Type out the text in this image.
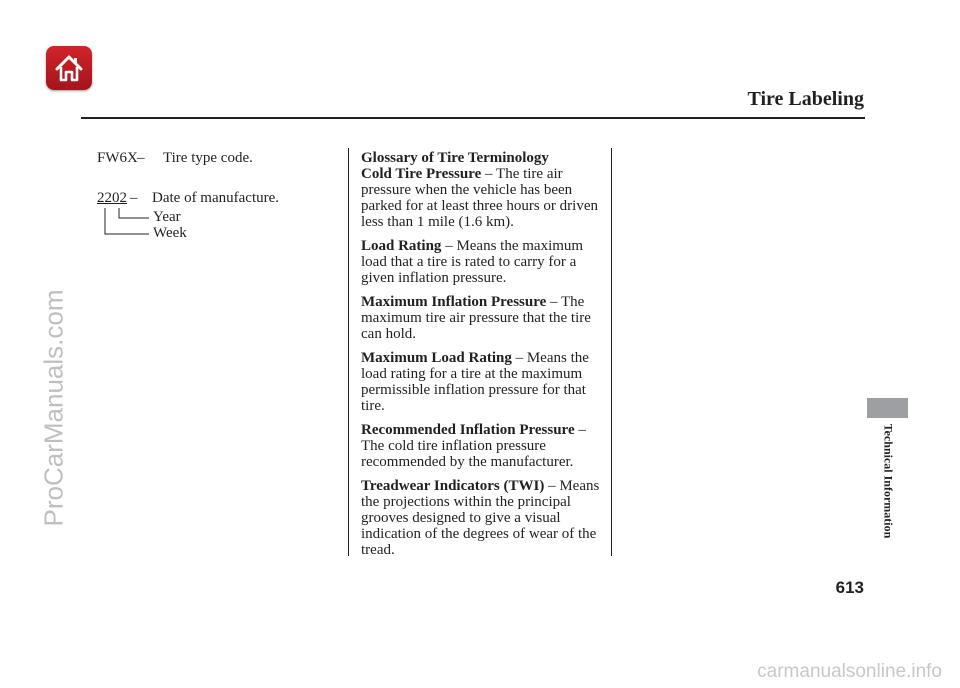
Tire Labeling
ProCarManuals.com
FW6X – Tire type code.
2202 – Date of manufacture.
Year
Week
Glossary of Tire Terminology
Cold Tire Pressure – The tire air pressure when the vehicle has been parked for at least three hours or driven less than 1 mile (1.6 km).
Load Rating – Means the maximum load that a tire is rated to carry for a given inflation pressure.
Maximum Inflation Pressure – The maximum tire air pressure that the tire can hold.
Maximum Load Rating – Means the load rating for a tire at the maximum permissible inflation pressure for that tire.
Recommended Inflation Pressure – The cold tire inflation pressure recommended by the manufacturer.
Treadwear Indicators (TWI) – Means the projections within the principal grooves designed to give a visual indication of the degrees of wear of the tread.
Technical Information
613
carmanualsonline.info
